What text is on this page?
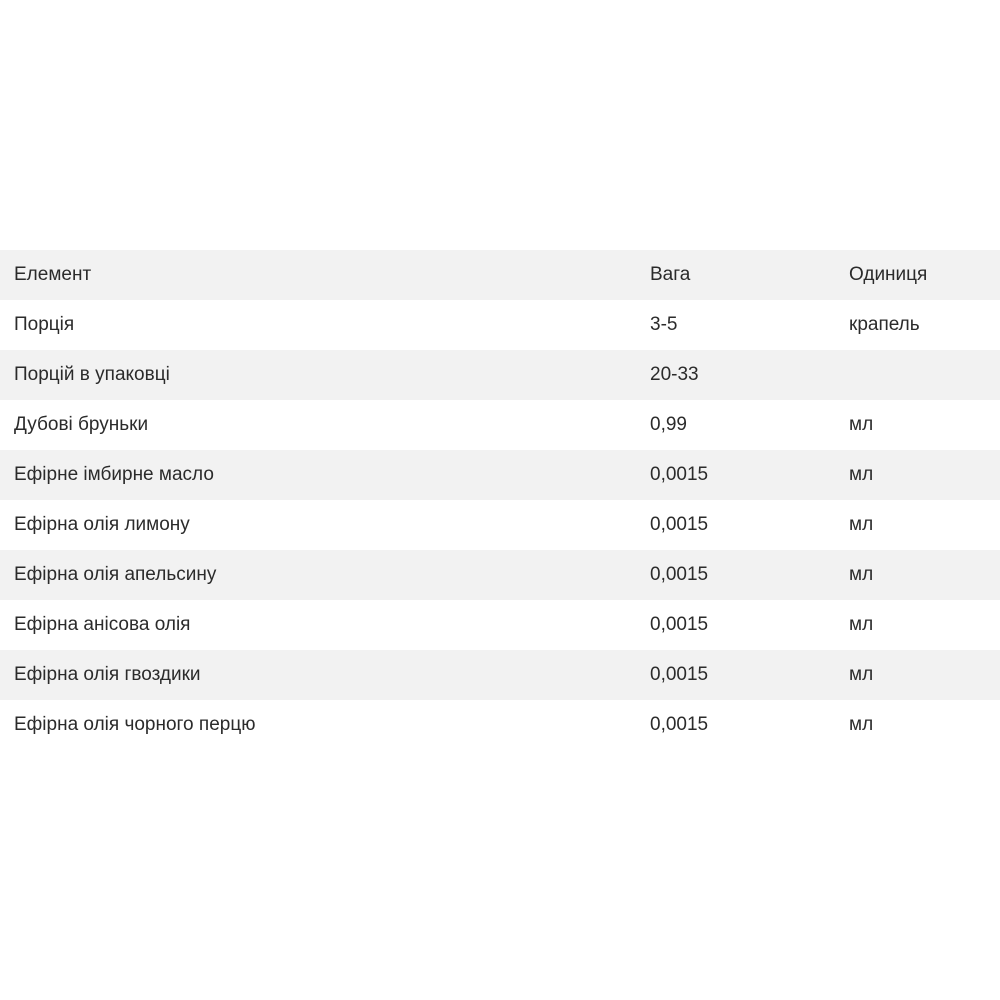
Елемент	Вага	Одиниця
Порція	3-5	крапель
Порцій в упаковці	20-33	
Дубові бруньки	0,99	мл
Ефірне імбирне масло	0,0015	мл
Ефірна олія лимону	0,0015	мл
Ефірна олія апельсину	0,0015	мл
Ефірна анісова олія	0,0015	мл
Ефірна олія гвоздики	0,0015	мл
Ефірна олія чорного перцю	0,0015	мл
